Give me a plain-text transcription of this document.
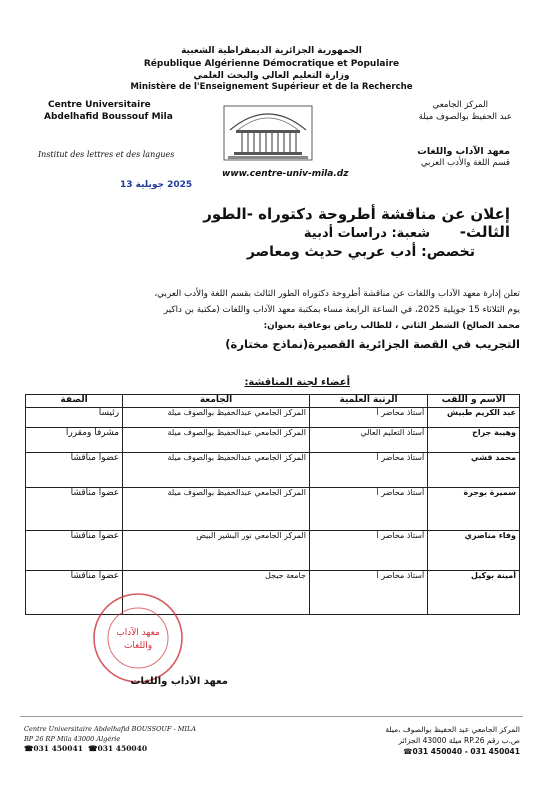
الجمهورية الجزائرية الديمقراطية الشعبية
République Algérienne Démocratique et Populaire
وزارة التعليم العالي والبحث العلمي
Ministère de l'Enseignement Supérieur et de la Recherche
Centre Universitaire
Abdelhafid Boussouf Mila
المركز الجامعي
عبد الحفيظ بوالصوف ميلة
www.centre-univ-mila.dz
Institut des lettres et des langues	معهد الآداب واللغات
قسم اللغة والأدب العربي
2025 جويلية 13
إعلان عن مناقشة أطروحة دكتوراه -الطور الثالث-
شعبة: دراسات أدبية
تخصص: أدب عربي حديث ومعاصر
تعلن إدارة معهد الآداب واللغات عن مناقشة أطروحة دكتوراه الطور الثالث بقسم اللغة والأدب العربي،
يوم الثلاثاء 15 جويلية 2025، في الساعة الرابعة مساء بمكتبة معهد الآداب واللغات (مكتبة بن داكير
محمد الصالح) الشطر الثاني ، للطالب رياض بوعافية بعنوان:
التجريب في القصة الجزائرية القصيرة(نماذج مختارة)
أعضاء لجنة المناقشة:
الاسم و اللقب	الرتبة العلمية	الجامعة	الصفة
عبد الكريم طبيش	أستاذ محاضر أ	المركز الجامعي عبدالحفيظ بوالصوف ميلة	رئيسا
وهيبة جراح	أستاذ التعليم العالي	المركز الجامعي عبدالحفيظ بوالصوف ميلة	مشرفا ومقررا
محمد قشي	أستاذ محاضر أ	المركز الجامعي عبدالحفيظ بوالصوف ميلة	عضوا مناقشا
سميرة بوجرة	أستاذ محاضر أ	المركز الجامعي عبدالحفيظ بوالصوف ميلة	عضوا مناقشا
وفاء مناصري	أستاذ محاضر أ	المركز الجامعي نور البشير البيض	عضوا مناقشا
أمينة بوكيل	أستاذ محاضر أ	جامعة جيجل	عضوا مناقشا
معهد الآداب
واللغات
معهد الآداب واللغات
Centre Universitaire Abdelhafid BOUSSOUF - MILA
BP 26 RP Mila 43000 Algérie
☎031 450041 ☎031 450040
المركز الجامعي عبد الحفيظ بوالصوف ،ميلة
ص.ب رقم RP.26 ميلة 43000 الجزائر
☎031 450040 - 031 450041
